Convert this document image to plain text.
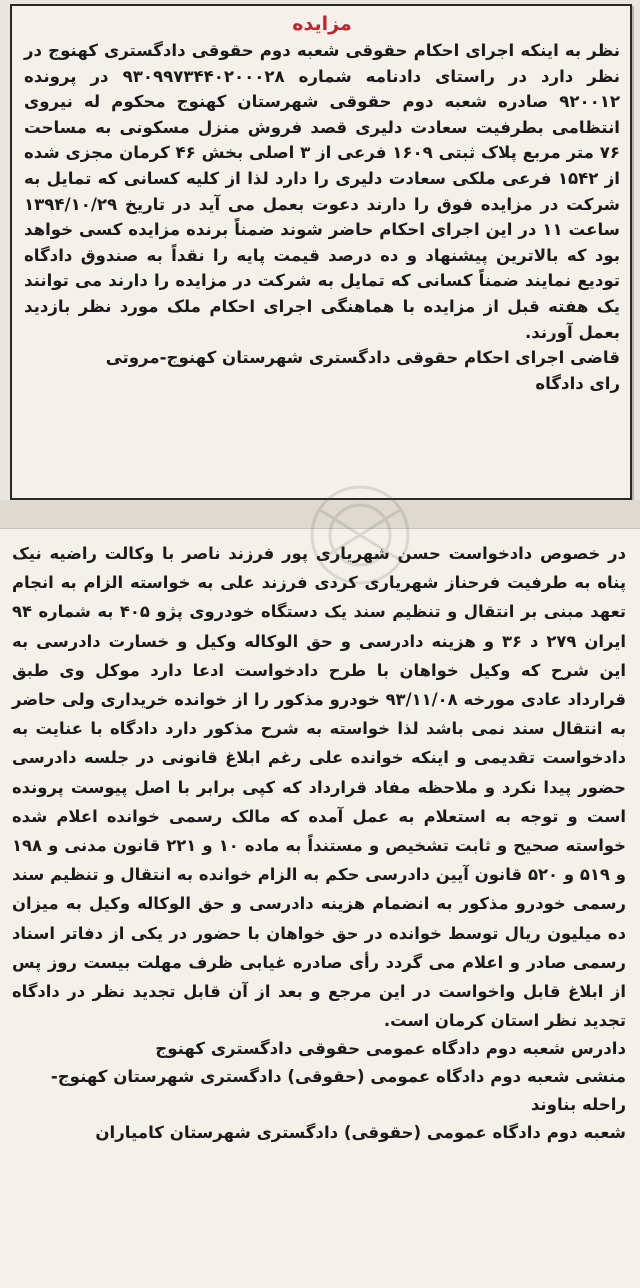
مزایده

نظر به اینکه اجرای احکام حقوقی شعبه دوم حقوقی دادگستری کهنوج در نظر دارد در راستای دادنامه شماره ۹۳۰۹۹۷۳۴۴۰۲۰۰۰۲۸ در پرونده ۹۲۰۰۱۲ صادره شعبه دوم حقوقی شهرستان کهنوج محکوم له نیروی انتظامی بطرفیت سعادت دلیری قصد فروش منزل مسکونی به مساحت ۷۶ متر مربع پلاک ثبتی ۱۶۰۹ فرعی از ۳ اصلی بخش ۴۶ کرمان مجزی شده از ۱۵۴۲ فرعی ملکی سعادت دلیری را دارد لذا از کلیه کسانی که تمایل به شرکت در مزایده فوق را دارند دعوت بعمل می آید در تاریخ ۱۳۹۴/۱۰/۲۹ ساعت ۱۱ در این اجرای احکام حاضر شوند ضمناً برنده مزایده کسی خواهد بود که بالاترین پیشنهاد و ده درصد قیمت پایه را نقداً به صندوق دادگاه تودیع نمایند ضمناً کسانی که تمایل به شرکت در مزایده را دارند می توانند یک هفته قبل از مزایده با هماهنگی اجرای احکام ملک مورد نظر بازدید بعمل آورند.

قاضی اجرای احکام حقوقی دادگستری شهرستان کهنوج-مروتی

رای دادگاه

در خصوص دادخواست حسن شهریاری پور فرزند ناصر با وکالت راضیه نیک پناه به طرفیت فرحناز شهریاری کردی فرزند علی به خواسته الزام به انجام تعهد مبنی بر انتقال و تنظیم سند یک دستگاه خودروی پژو ۴۰۵ به شماره ۹۴ ایران ۲۷۹ د ۳۶ و هزینه دادرسی و حق الوکاله وکیل و خسارت دادرسی به این شرح که وکیل خواهان با طرح دادخواست ادعا دارد موکل وی طبق قرارداد عادی مورخه ۹۳/۱۱/۰۸ خودرو مذکور را از خوانده خریداری ولی حاضر به انتقال سند نمی باشد لذا خواسته به شرح مذکور دارد دادگاه با عنایت به دادخواست تقدیمی و اینکه خوانده علی رغم ابلاغ قانونی در جلسه دادرسی حضور پیدا نکرد و ملاحظه مفاد قرارداد که کپی برابر با اصل پیوست پرونده است و توجه به استعلام به عمل آمده که مالک رسمی خوانده اعلام شده خواسته صحیح و ثابت تشخیص و مستنداً به ماده ۱۰ و ۲۲۱ قانون مدنی و ۱۹۸ و ۵۱۹ و ۵۲۰ قانون آیین دادرسی حکم به الزام خوانده به انتقال و تنظیم سند رسمی خودرو مذکور به انضمام هزینه دادرسی و حق الوکاله وکیل به میزان ده میلیون ریال توسط خوانده در حق خواهان با حضور در یکی از دفاتر اسناد رسمی صادر و اعلام می گردد رأی صادره غیابی ظرف مهلت بیست روز پس از ابلاغ قابل واخواست در این مرجع و بعد از آن قابل تجدید نظر در دادگاه تجدید نظر استان کرمان است.

دادرس شعبه دوم دادگاه عمومی حقوقی دادگستری کهنوج

منشی شعبه دوم دادگاه عمومی (حقوقی) دادگستری شهرستان کهنوج-راحله بناوند

شعبه دوم دادگاه عمومی (حقوقی) دادگستری شهرستان کامیاران
